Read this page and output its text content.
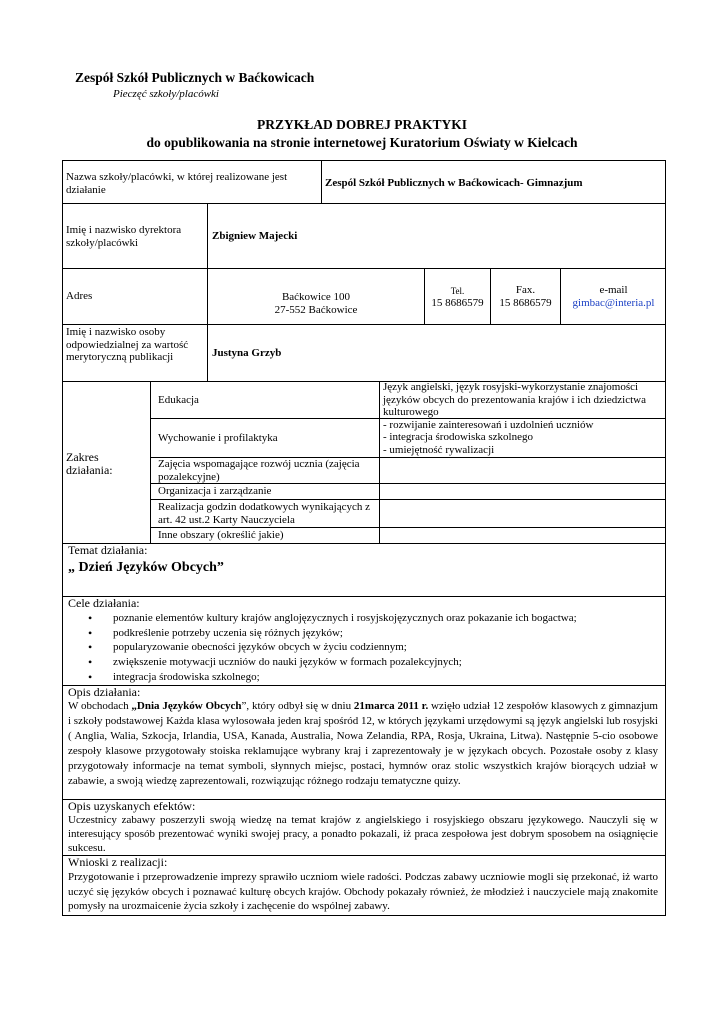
Zespół Szkół Publicznych w Baćkowicach
Pieczęć szkoły/placówki
PRZYKŁAD DOBREJ PRAKTYKI
do opublikowania na stronie internetowej Kuratorium Oświaty w Kielcach
Nazwa szkoły/placówki, w której realizowane jest działanie
Zespól Szkół Publicznych w Baćkowicach- Gimnazjum
Imię i nazwisko dyrektora szkoły/placówki
Zbigniew Majecki
Adres	Baćkowice 100
27-552 Baćkowice
Tel.
15 8686579
Fax.
15 8686579
e-mail
gimbac@interia.pl
Imię i nazwisko osoby odpowiedzialnej za wartość merytoryczną publikacji	Justyna Grzyb
Zakres działania:
Edukacja
Język angielski, język rosyjski-wykorzystanie znajomości języków obcych do prezentowania krajów i ich dziedzictwa kulturowego
Wychowanie i profilaktyka
- rozwijanie zainteresowań i uzdolnień uczniów
- integracja środowiska szkolnego
- umiejętność rywalizacji
Zajęcia wspomagające rozwój ucznia (zajęcia pozalekcyjne)
Organizacja i zarządzanie
Realizacja godzin dodatkowych wynikających z art. 42 ust.2 Karty Nauczyciela
Inne obszary (określić jakie)
Temat działania:
„ Dzień Języków Obcych”
Cele działania:
• poznanie elementów kultury krajów anglojęzycznych i rosyjskojęzycznych oraz pokazanie ich bogactwa;
• podkreślenie potrzeby uczenia się różnych języków;
• popularyzowanie obecności języków obcych w życiu codziennym;
• zwiększenie motywacji uczniów do nauki języków w formach pozalekcyjnych;
• integracja środowiska szkolnego;
Opis działania:
W obchodach „Dnia Języków Obcych”, który odbył się w dniu 21marca 2011 r. wzięło udział 12 zespołów klasowych z gimnazjum i szkoły podstawowej Każda klasa wylosowała jeden kraj spośród 12, w których językami urzędowymi są język angielski lub rosyjski ( Anglia, Walia, Szkocja, Irlandia, USA, Kanada, Australia, Nowa Zelandia, RPA, Rosja, Ukraina, Litwa). Następnie 5-cio osobowe zespoły klasowe przygotowały stoiska reklamujące wybrany kraj i zaprezentowały je w językach obcych. Pozostałe osoby z klasy przygotowały informacje na temat symboli, słynnych miejsc, postaci, hymnów oraz stolic wszystkich krajów biorących udział w zabawie, a swoją wiedzę zaprezentowali, rozwiązując różnego rodzaju tematyczne quizy.
Opis uzyskanych efektów:
Uczestnicy zabawy poszerzyli swoją wiedzę na temat krajów z angielskiego i rosyjskiego obszaru językowego. Nauczyli się w interesujący sposób prezentować wyniki swojej pracy, a ponadto pokazali, iż praca zespołowa jest dobrym sposobem na osiągnięcie sukcesu.
Wnioski z realizacji:
Przygotowanie i przeprowadzenie imprezy sprawiło uczniom wiele radości. Podczas zabawy uczniowie mogli się przekonać, iż warto uczyć się języków obcych i poznawać kulturę obcych krajów. Obchody pokazały również, że młodzież i nauczyciele mają znakomite pomysły na urozmaicenie życia szkoły i zachęcenie do wspólnej zabawy.
